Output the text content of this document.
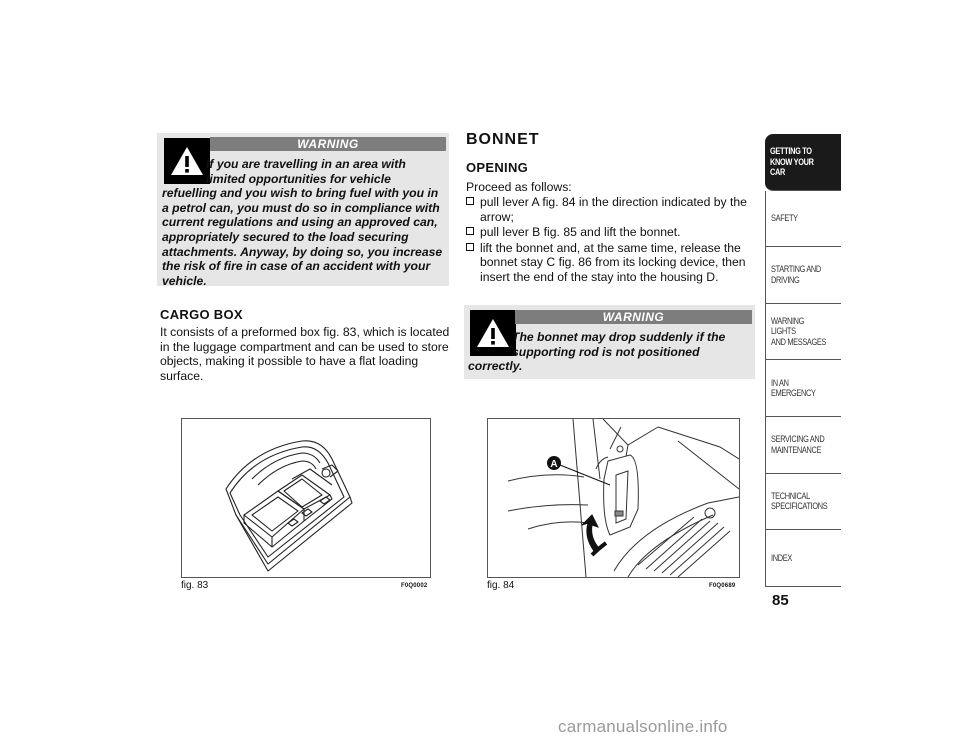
WARNING
If you are travelling in an area with
limited opportunities for vehicle
refuelling and you wish to bring fuel with you in a petrol can, you must do so in compliance with current regulations and using an approved can, appropriately secured to the load securing attachments. Anyway, by doing so, you increase the risk of fire in case of an accident with your vehicle.
CARGO BOX
It consists of a preformed box fig. 83, which is located in the luggage compartment and can be used to store objects, making it possible to have a flat loading surface.
BONNET
OPENING
Proceed as follows:
pull lever A fig. 84 in the direction indicated by the arrow;
pull lever B fig. 85 and lift the bonnet.
lift the bonnet and, at the same time, release the bonnet stay C fig. 86 from its locking device, then insert the end of the stay into the housing D.
WARNING
The bonnet may drop suddenly if the
supporting rod is not positioned
correctly.
fig. 83	F0Q0002
A
fig. 84	F0Q0689
GETTING TO
KNOW YOUR CAR
SAFETY
STARTING AND
DRIVING
WARNING LIGHTS
AND MESSAGES
IN AN EMERGENCY
SERVICING AND
MAINTENANCE
TECHNICAL
SPECIFICATIONS
INDEX
85
carmanualsonline.info
